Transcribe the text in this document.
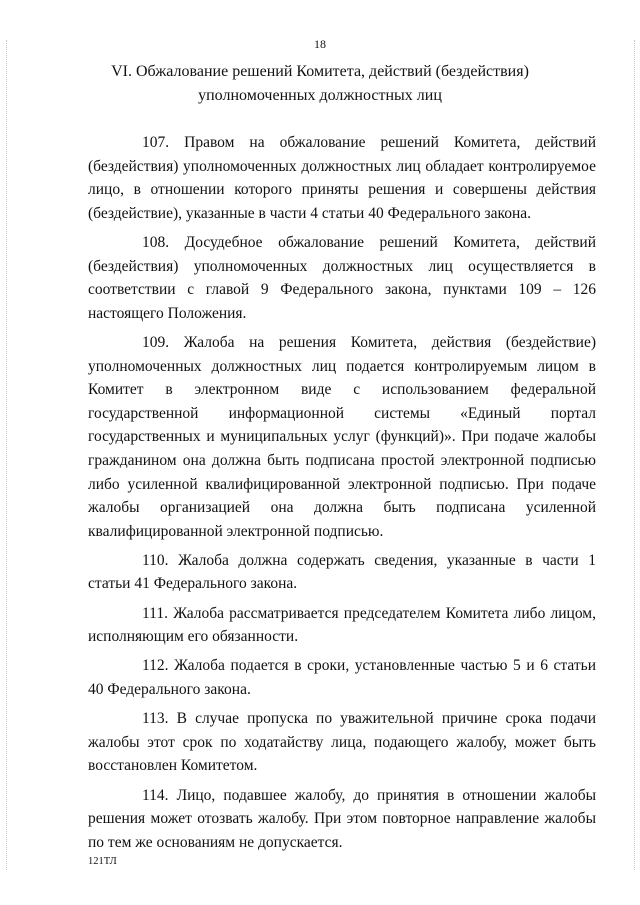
18
VI. Обжалование решений Комитета, действий (бездействия) уполномоченных должностных лиц

107. Правом на обжалование решений Комитета, действий (бездействия) уполномоченных должностных лиц обладает контролируемое лицо, в отношении которого приняты решения и совершены действия (бездействие), указанные в части 4 статьи 40 Федерального закона.

108. Досудебное обжалование решений Комитета, действий (бездействия) уполномоченных должностных лиц осуществляется в соответствии с главой 9 Федерального закона, пунктами 109 – 126 настоящего Положения.

109. Жалоба на решения Комитета, действия (бездействие) уполномоченных должностных лиц подается контролируемым лицом в Комитет в электронном виде с использованием федеральной государственной информационной системы «Единый портал государственных и муниципальных услуг (функций)». При подаче жалобы гражданином она должна быть подписана простой электронной подписью либо усиленной квалифицированной электронной подписью. При подаче жалобы организацией она должна быть подписана усиленной квалифицированной электронной подписью.

110. Жалоба должна содержать сведения, указанные в части 1 статьи 41 Федерального закона.

111. Жалоба рассматривается председателем Комитета либо лицом, исполняющим его обязанности.

112. Жалоба подается в сроки, установленные частью 5 и 6 статьи 40 Федерального закона.

113. В случае пропуска по уважительной причине срока подачи жалобы этот срок по ходатайству лица, подающего жалобу, может быть восстановлен Комитетом.

114. Лицо, подавшее жалобу, до принятия в отношении жалобы решения может отозвать жалобу. При этом повторное направление жалобы по тем же основаниям не допускается.

121ТЛ
